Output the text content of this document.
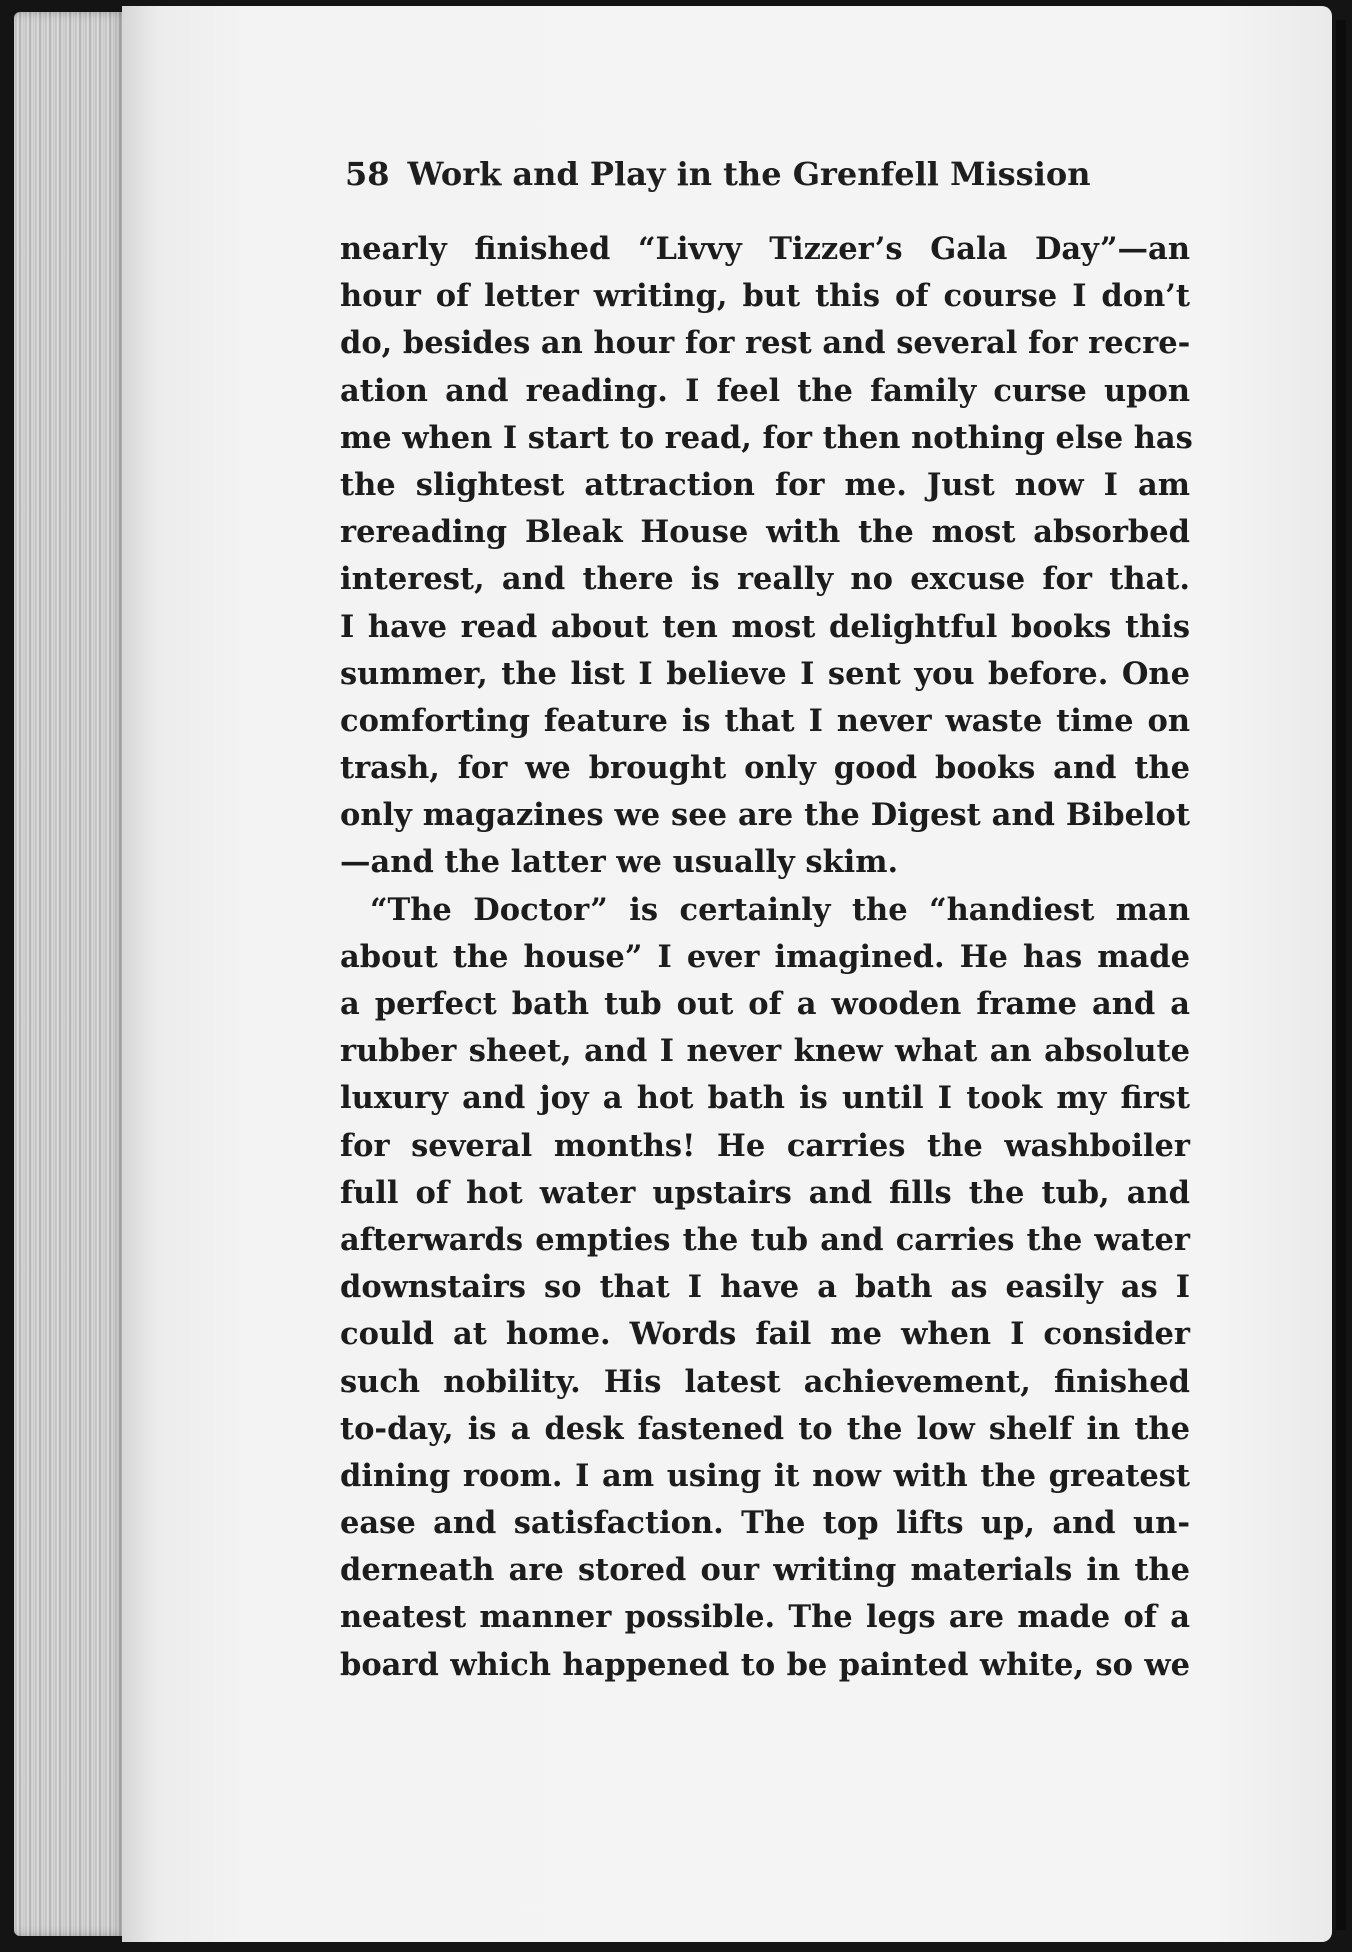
58 Work and Play in the Grenfell Mission
nearly finished “Livvy Tizzer’s Gala Day”—an
hour of letter writing, but this of course I don’t
do, besides an hour for rest and several for recre-
ation and reading. I feel the family curse upon
me when I start to read, for then nothing else has
the slightest attraction for me. Just now I am
rereading Bleak House with the most absorbed
interest, and there is really no excuse for that.
I have read about ten most delightful books this
summer, the list I believe I sent you before. One
comforting feature is that I never waste time on
trash, for we brought only good books and the
only magazines we see are the Digest and Bibelot
—and the latter we usually skim.
“The Doctor” is certainly the “handiest man
about the house” I ever imagined. He has made
a perfect bath tub out of a wooden frame and a
rubber sheet, and I never knew what an absolute
luxury and joy a hot bath is until I took my first
for several months! He carries the washboiler
full of hot water upstairs and fills the tub, and
afterwards empties the tub and carries the water
downstairs so that I have a bath as easily as I
could at home. Words fail me when I consider
such nobility. His latest achievement, finished
to-day, is a desk fastened to the low shelf in the
dining room. I am using it now with the greatest
ease and satisfaction. The top lifts up, and un-
derneath are stored our writing materials in the
neatest manner possible. The legs are made of a
board which happened to be painted white, so we
